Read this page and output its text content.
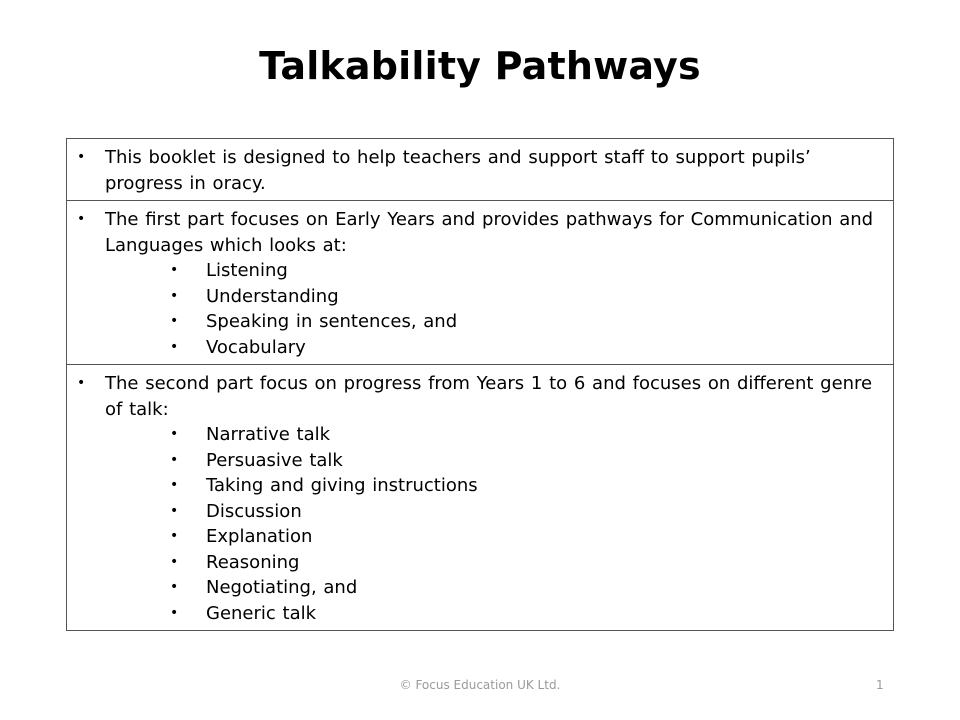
Talkability Pathways
•	This booklet is designed to help teachers and support staff to support pupils’ progress in oracy.
•	The first part focuses on Early Years and provides pathways for Communication and Languages which looks at:
•	Listening
•	Understanding
•	Speaking in sentences, and
•	Vocabulary
•	The second part focus on progress from Years 1 to 6 and focuses on different genre of talk:
•	Narrative talk
•	Persuasive talk
•	Taking and giving instructions
•	Discussion
•	Explanation
•	Reasoning
•	Negotiating, and
•	Generic talk
© Focus Education UK Ltd.	1
